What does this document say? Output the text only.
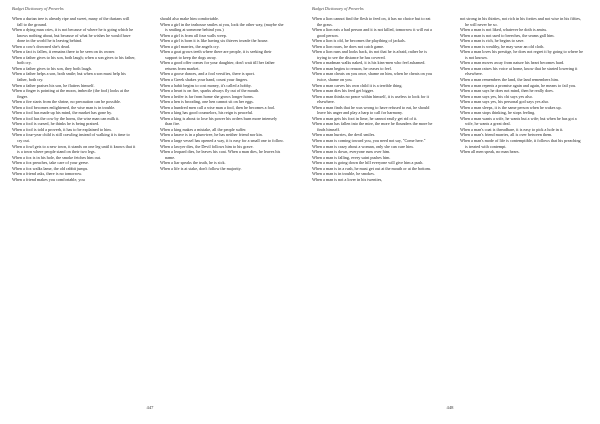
Budget Dictionary of Proverbs

When a durian tree is already ripe and sweet, many of the durians will fall to the ground.

When a dying man cries, it is not because of where he is going which he knows nothing about, but because of what he wishes he would have done in the world he is leaving behind.

When a cow's drowned she's dead.

When a fact is fallen, it remains there to be seen on its owner.

When a father gives to his son, both laugh; when a son gives to his father, both cry.

When a father gives to his son, they both laugh.

When a father helps a son, both smile; but when a son must help his father, both cry.

When a father praises his son, he flatters himself.

When a finger is pointing at the moon, imbecile (the fool) looks at the finger.

When a fire starts from the shrine, no precaution can be possible.

When a fool becomes enlightened, the wise man is in trouble.

When a fool has made up his mind, the market has gone by.

When a fool has the cow by the horns, the wise man can milk it.

When a fool is cursed, he thinks he is being praised.

When a fool is told a proverb, it has to be explained to him.

When a four-year child is still crawling instead of walking it is time to cry out.

When a fowl gets to a new town, it stands on one leg until it knows that it is a town where people stand on their two legs.

When a fox is in his hole, the smoke fetches him out.

When a fox preaches, take care of your geese.

When a fox walks lame, the old rabbit jumps.

When a friend asks, there is no tomorrow.

When a friend makes you comfortable, you

should also make him comfortable.

When a girl in the teahouse smiles at you, look the other way, (maybe she is smiling at someone behind you.)

When a girl is from all four walls weep.

When a girl is born it is like having six thieves invade the house.

When a girl marries, the angels cry.

When a goat grows teeth where there are people, it is seeking their support to keep the dogs away.

When a good offer comes for your daughter, don't wait till her father returns from market.

When a goose dances, and a fool versifies, there is sport.

When a Greek shakes your hand, count your fingers.

When a habit begins to cost money, it's called a hobby.

When a heart is on fire, sparks always fly out of the mouth.

When a heifer is far from home she grows longer horns.

When a hen is brooding, one hen cannot sit on her eggs.

When a hundred men call a wise man a fool, then he becomes a fool.

When a king has good counselors, his reign is peaceful.

When a king is about to lose his power his orders burn more intensely than fire.

When a king makes a mistake, all the people suffer.

When a knave is in a plum-tree, he has neither friend nor kin.

When a large vessel has opened a way, it is easy for a small one to follow.

When a lawyer dies, the Devil follows him to his grave.

When a leopard dies, he leaves his coat. When a man dies, he leaves his name.

When a liar speaks the truth, he is sick.

When a life is at stake, don't follow the majority.

447
Budget Dictionary of Proverbs

When a lion cannot find the flesh to feed on, it has no choice but to eat the grass.

When a lion eats a bad person and it is not killed, tomorrow it will eat a good person.

When a lion is old, he becomes the plaything of jackals.

When a lion roars, he does not catch game.

When a lion runs and looks back, its not that he is afraid, rather he is trying to see the distance he has covered.

When a madman walks naked, it is his kins-men who feel ashamed.

When a man begins to reason, he ceases to feel.

When a man cheats on you once, shame on him, when he cheats on you twice, shame on you.

When a man carves his own child it is a terrible thing.

When a man dies his feed get bigger.

When a man thinks no peace within himself, it is useless to look for it elsewhere.

When a man finds that he was wrong to have refused to eat, he should leave his anger and play a harp to call for harmony.

When a man gets his foot in lime, he cannot easily get rid of it.

When a man has fallen into the mire, the more he flounders the more he finds himself.

When a man hurries, the devil smiles.

When a man is coming toward you, you need not say, "Come here."

When a man is crazy about a woman, only she can cure him.

When a man is down, everyone runs over him.

When a man is falling, every saint pushes him.

When a man is going down the hill everyone will give him a push.

When a man is in a rush, he must get out at the mouth or at the bottom.

When a man is in trouble, he smokes.

When a man is not a lover in his twenties,

not strong in his thirties, not rich in his forties and not wise in his fifties, he will never be so.

When a man is not liked, whatever he doth is amiss.

When a man is not used to breeches, the seams gall him.

When a man is rich, he begins to save.

When a man is wealthy, he may wear an old cloth.

When a man loves his prestige, he does not regret it by going to where he is not known.

When a man moves away from nature his heart becomes hard.

When a man raises his voice at home, know that he started lowering it elsewhere.

When a man remembers the land, the land remembers him.

When a man repents a promise again and again, he means to fail you.

When a man says he does not mind, then he really does.

When a man says yes, his chi says yes also.

When a man says yes, his personal god says yes also.

When a man sleeps, it is the same person when he wakes up.

When a man stops thinking, he stops feeling.

When a man wants a wife, he wants but a wife; but when he has got a wife, he wants a great deal.

When a man's coat is threadbare, it is easy to pick a hole in it.

When a man's friend marries, all is over between them.

When a man's mode of life is contemptible, it follows that his preaching is treated with contempt.

When all men speak, no man hears.

448
